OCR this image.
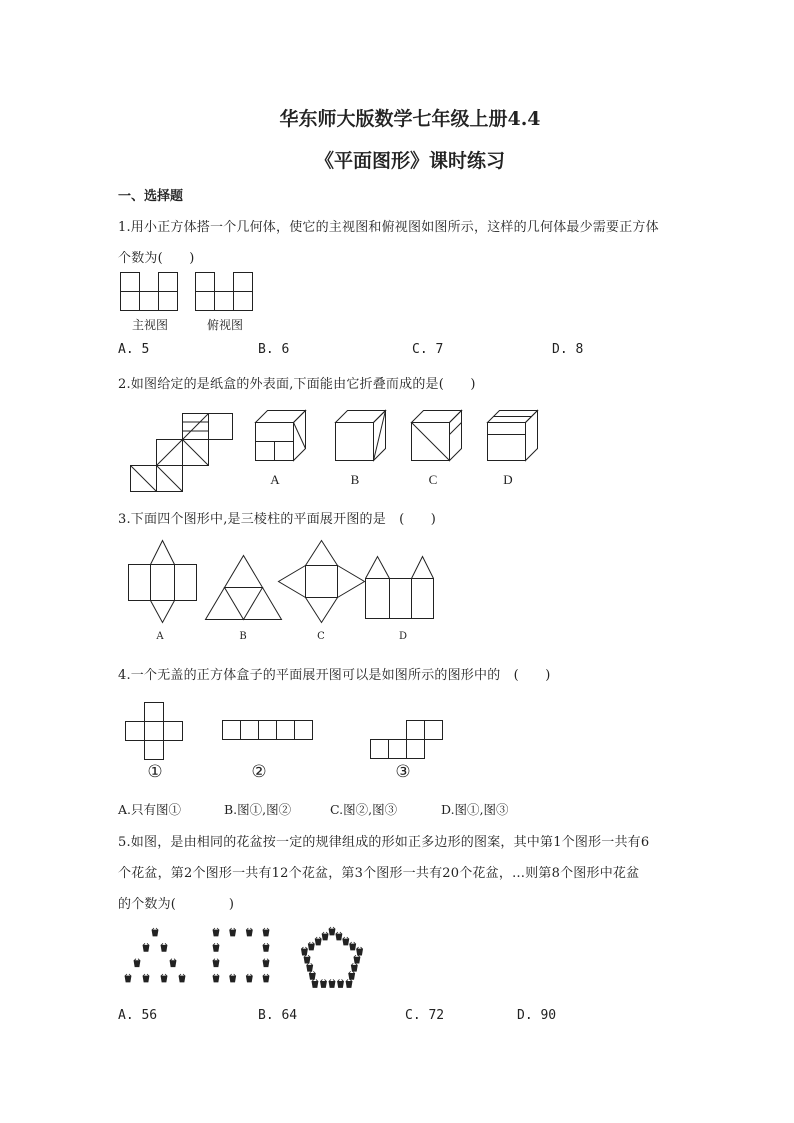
华东师大版数学七年级上册4.4
《平面图形》课时练习
一、选择题
1.用小正方体搭一个几何体，使它的主视图和俯视图如图所示，这样的几何体最少需要正方体
个数为(　　)
主视图	俯视图
A. 5	B. 6	C. 7	D. 8
2.如图给定的是纸盒的外表面,下面能由它折叠而成的是(　　)
A	B	C	D
3.下面四个图形中,是三棱柱的平面展开图的是　(　　)
A	B	C	D
4.一个无盖的正方体盒子的平面展开图可以是如图所示的图形中的　(　　)
①	②	③
A.只有图①	B.图①,图②	C.图②,图③	D.图①,图③
5.如图，是由相同的花盆按一定的规律组成的形如正多边形的图案，其中第1个图形一共有6
个花盆，第2个图形一共有12个花盆，第3个图形一共有20个花盆，…则第8个图形中花盆
的个数为(　　　　)
A. 56	B. 64	C. 72	D. 90
